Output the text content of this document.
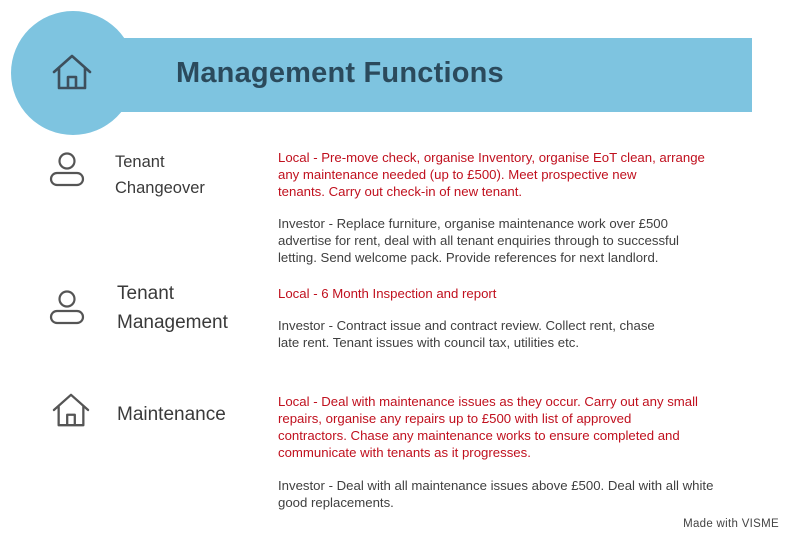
Management Functions
Tenant
Changeover
Local - Pre-move check, organise Inventory, organise EoT clean, arrange
any maintenance needed (up to £500). Meet prospective new
tenants. Carry out check-in of new tenant.
Investor - Replace furniture, organise maintenance work over £500
advertise for rent, deal with all tenant enquiries through to successful
letting. Send welcome pack. Provide references for next landlord.
Tenant
Management
Local - 6 Month Inspection and report
Investor - Contract issue and contract review. Collect rent, chase
late rent. Tenant issues with council tax, utilities etc.
Maintenance
Local - Deal with maintenance issues as they occur. Carry out any small
repairs, organise any repairs up to £500 with list of approved
contractors. Chase any maintenance works to ensure completed and
communicate with tenants as it progresses.
Investor - Deal with all maintenance issues above £500. Deal with all white
good replacements.
Made with VISME
